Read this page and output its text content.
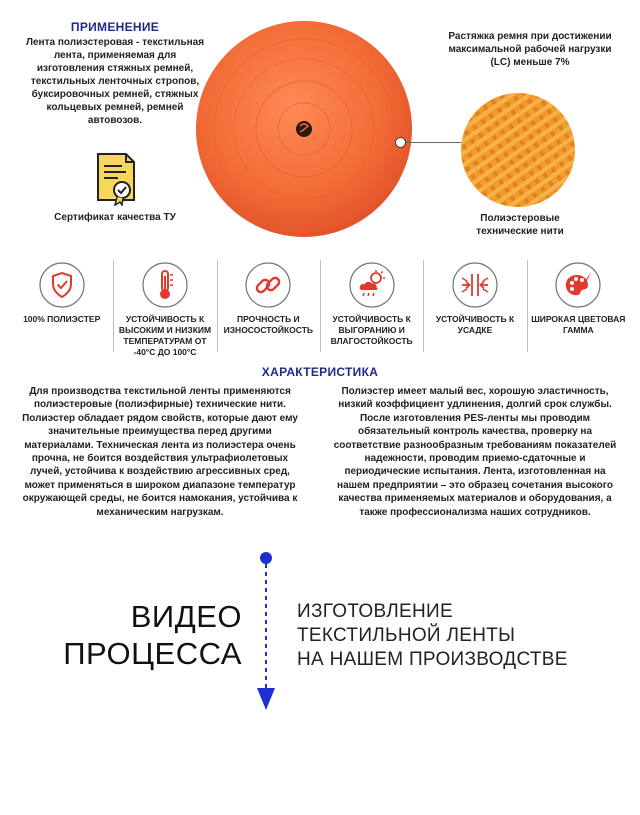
ПРИМЕНЕНИЕ
Лента полиэстеровая - текстильная лента, применяемая для изготовления стяжных ремней, текстильных ленточных стропов, буксировочных ремней, стяжных кольцевых ремней, ремней автовозов.
Сертификат качества ТУ
Растяжка ремня при достижении максимальной рабочей нагрузки (LC) меньше 7%
Полиэстеровые технические нити
100% ПОЛИЭСТЕР	УСТОЙЧИВОСТЬ К ВЫСОКИМ И НИЗКИМ ТЕМПЕРАТУРАМ ОТ -40°С ДО 100°С
ПРОЧНОСТЬ И ИЗНОСОСТОЙКОСТЬ
УСТОЙЧИВОСТЬ К ВЫГОРАНИЮ И ВЛАГОСТОЙКОСТЬ
УСТОЙЧИВОСТЬ К УСАДКЕ
ШИРОКАЯ ЦВЕТОВАЯ ГАММА
ХАРАКТЕРИСТИКА
Для производства текстильной ленты применяются полиэстеровые (полиэфирные) технические нити. Полиэстер обладает рядом свойств, которые дают ему значительные преимущества перед другими материалами. Техническая лента из полиэстера очень прочна, не боится воздействия ультрафиолетовых лучей, устойчива к воздействию агрессивных сред, может применяться в широком диапазоне температур окружающей среды, не боится намокания, устойчива к механическим нагрузкам.
Полиэстер имеет малый вес, хорошую эластичность, низкий коэффициент удлинения, долгий срок службы. После изготовления PES-ленты мы проводим обязательный контроль качества, проверку на соответствие разнообразным требованиям показателей надежности, проводим приемо-сдаточные и периодические испытания. Лента, изготовленная на нашем предприятии – это образец сочетания высокого качества применяемых материалов и оборудования, а также профессионализма наших сотрудников.
ВИДЕО
ПРОЦЕССА
ИЗГОТОВЛЕНИЕ
ТЕКСТИЛЬНОЙ ЛЕНТЫ
НА НАШЕМ ПРОИЗВОДСТВЕ
